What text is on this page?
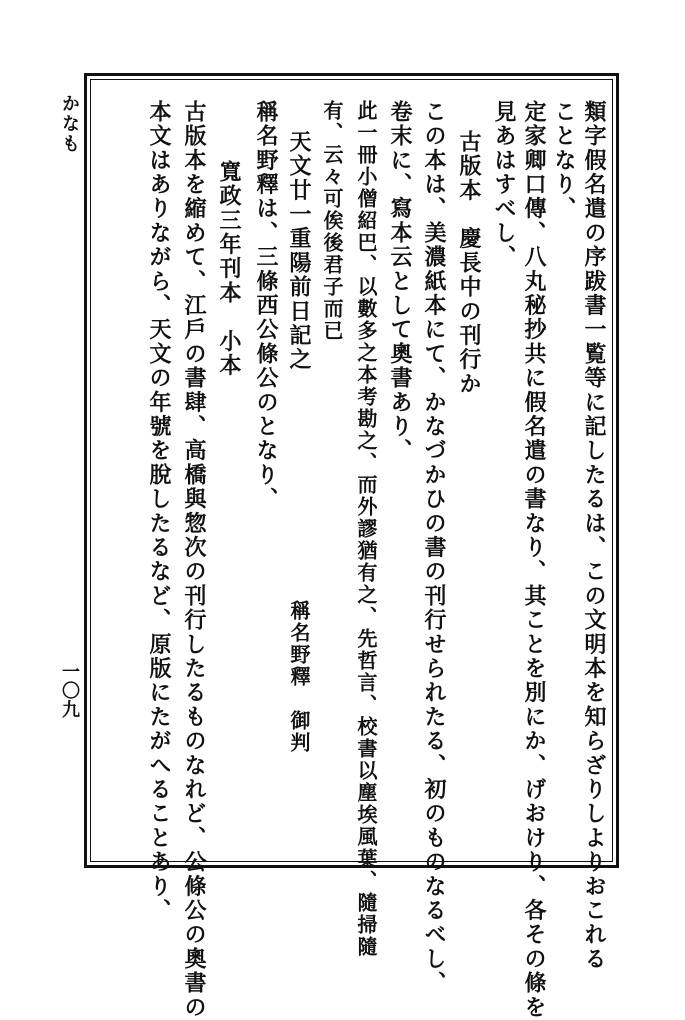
かなも
一〇九	類字假名遣の序跋書一覧等に記したるは、この文明本を知らざりしよりおこれる
ことなり、
定家卿口傳、八丸秘抄共に假名遣の書なり、其ことを別にか、げおけり、各その條を
見あはすべし、
古版本　慶長中の刊行か
この本は、美濃紙本にて、かなづかひの書の刊行せられたる、初のものなるべし、
卷末に、寫本云として奧書あり、
此一冊小僧紹巴、以數多之本考勘之、而外謬猶有之、先哲言、校書以塵埃風葉、隨掃隨
有、云々可俟後君子而已
天文廿一重陽前日記之
稱名野釋は、三條西公條公のとなり、
寬政三年刊本　小本
古版本を縮めて、江戶の書肆、高橋與惣次の刊行したるものなれど、公條公の奧書の
本文はありながら、天文の年號を脫したるなど、原版にたがへることあり、	稱名野釋
御判
